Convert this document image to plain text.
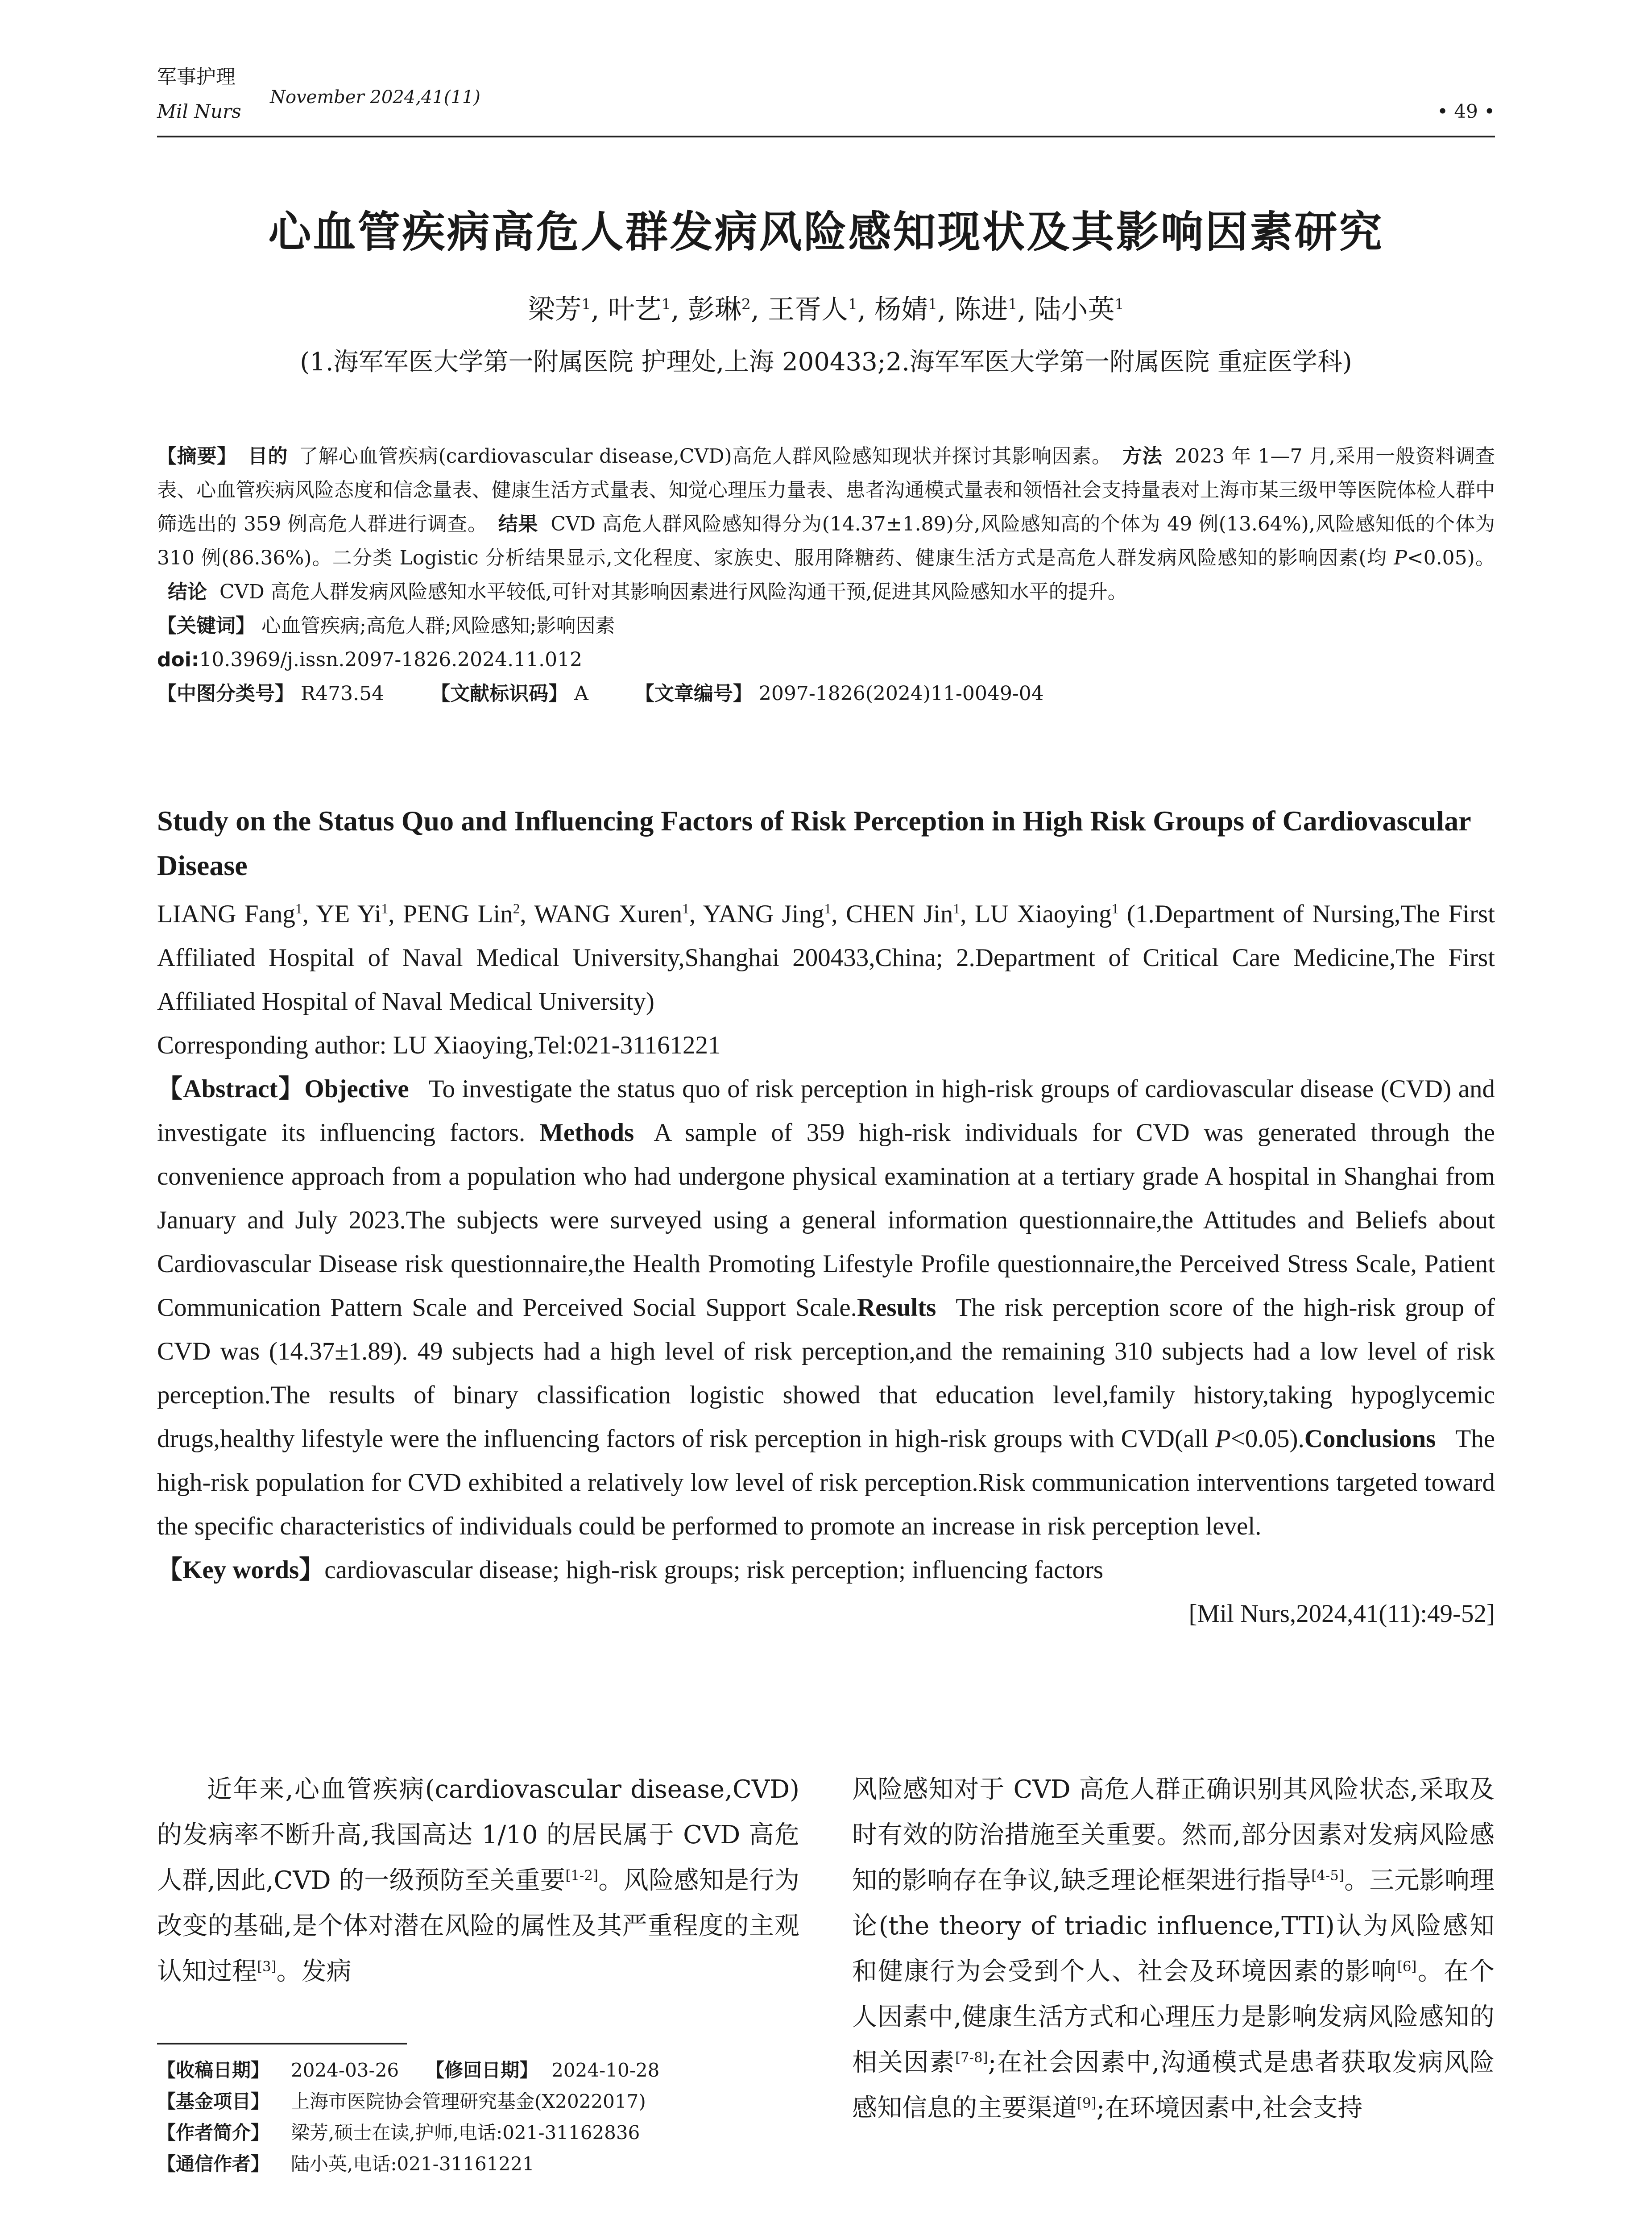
军事护理
Mil Nurs
November 2024,41(11)
• 49 •
心血管疾病高危人群发病风险感知现状及其影响因素研究
梁芳$^1$, 叶艺$^1$, 彭琳$^2$, 王胥人$^1$, 杨婧$^1$, 陈进$^1$, 陆小英$^1$
(1.海军军医大学第一附属医院 护理处,上海 200433;2.海军军医大学第一附属医院 重症医学科)

【摘要】 目的 了解心血管疾病(cardiovascular disease,CVD)高危人群风险感知现状并探讨其影响因素。 方法 2023 年 1—7 月,采用一般资料调查表、心血管疾病风险态度和信念量表、健康生活方式量表、知觉心理压力量表、患者沟通模式量表和领悟社会支持量表对上海市某三级甲等医院体检人群中筛选出的 359 例高危人群进行调查。 结果 CVD 高危人群风险感知得分为(14.37±1.89)分,风险感知高的个体为 49 例(13.64%),风险感知低的个体为 310 例(86.36%)。二分类 Logistic 分析结果显示,文化程度、家族史、服用降糖药、健康生活方式是高危人群发病风险感知的影响因素(均 P<0.05)。结论 CVD 高危人群发病风险感知水平较低,可针对其影响因素进行风险沟通干预,促进其风险感知水平的提升。

【关键词】 心血管疾病;高危人群;风险感知;影响因素

doi:10.3969/j.issn.2097-1826.2024.11.012

【中图分类号】 R473.54 【文献标识码】 A 【文章编号】 2097-1826(2024)11-0049-04

Study on the Status Quo and Influencing Factors of Risk Perception in High Risk Groups of Cardiovascular Disease

LIANG Fang$^1$, YE Yi$^1$, PENG Lin$^2$, WANG Xuren$^1$, YANG Jing$^1$, CHEN Jin$^1$, LU Xiaoying$^1$ (1.Department of Nursing,The First Affiliated Hospital of Naval Medical University,Shanghai 200433,China; 2.Department of Critical Care Medicine,The First Affiliated Hospital of Naval Medical University)

Corresponding author: LU Xiaoying,Tel:021-31161221

【Abstract】Objective To investigate the status quo of risk perception in high-risk groups of cardiovascular disease (CVD) and investigate its influencing factors. Methods A sample of 359 high-risk individuals for CVD was generated through the convenience approach from a population who had undergone physical examination at a tertiary grade A hospital in Shanghai from January and July 2023.The subjects were surveyed using a general information questionnaire,the Attitudes and Beliefs about Cardiovascular Disease risk questionnaire,the Health Promoting Lifestyle Profile questionnaire,the Perceived Stress Scale, Patient Communication Pattern Scale and Perceived Social Support Scale.Results The risk perception score of the high-risk group of CVD was (14.37±1.89). 49 subjects had a high level of risk perception,and the remaining 310 subjects had a low level of risk perception.The results of binary classification logistic showed that education level,family history,taking hypoglycemic drugs,healthy lifestyle were the influencing factors of risk perception in high-risk groups with CVD(all P<0.05).Conclusions The high-risk population for CVD exhibited a relatively low level of risk perception.Risk communication interventions targeted toward the specific characteristics of individuals could be performed to promote an increase in risk perception level.

【Key words】cardiovascular disease; high-risk groups; risk perception; influencing factors

[Mil Nurs,2024,41(11):49-52]

近年来,心血管疾病(cardiovascular disease,CVD)的发病率不断升高,我国高达 1/10 的居民属于 CVD 高危人群,因此,CVD 的一级预防至关重要[1-2]。风险感知是行为改变的基础,是个体对潜在风险的属性及其严重程度的主观认知过程[3]。发病

【收稿日期】 2024-03-26 【修回日期】 2024-10-28

【基金项目】 上海市医院协会管理研究基金(X2022017)

【作者简介】 梁芳,硕士在读,护师,电话:021-31162836

【通信作者】 陆小英,电话:021-31161221

风险感知对于 CVD 高危人群正确识别其风险状态,采取及时有效的防治措施至关重要。然而,部分因素对发病风险感知的影响存在争议,缺乏理论框架进行指导[4-5]。三元影响理论(the theory of triadic influence,TTI)认为风险感知和健康行为会受到个人、社会及环境因素的影响[6]。在个人因素中,健康生活方式和心理压力是影响发病风险感知的相关因素[7-8];在社会因素中,沟通模式是患者获取发病风险感知信息的主要渠道[9];在环境因素中,社会支持
